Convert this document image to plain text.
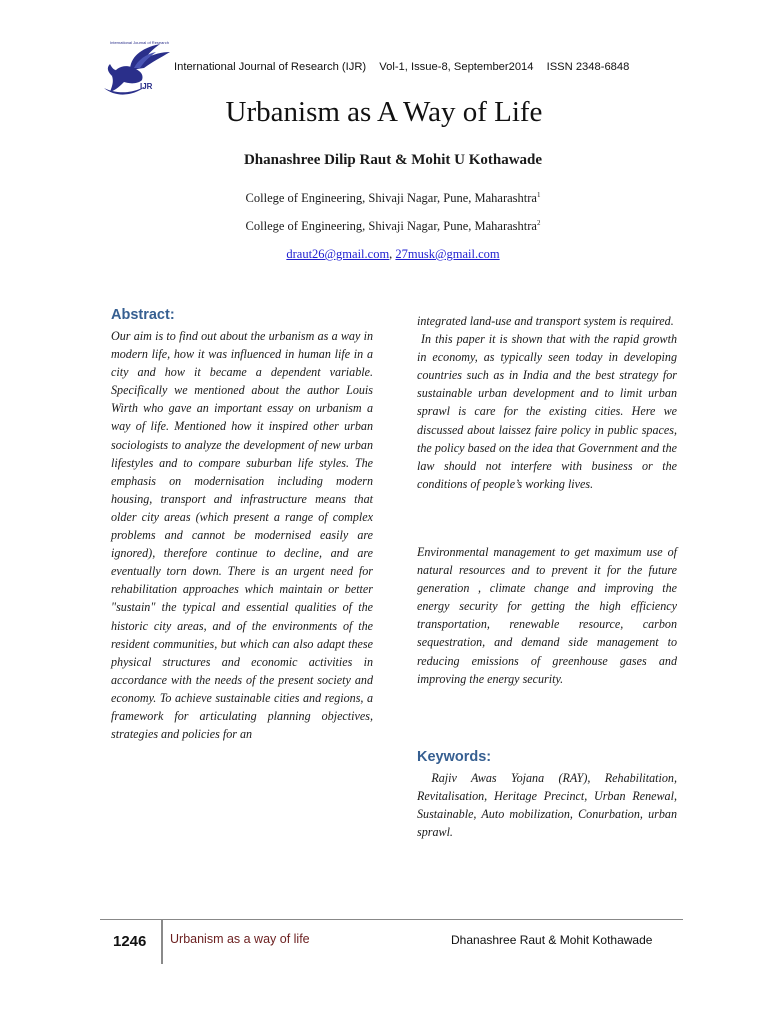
International Journal of Research
IJR
International Journal of Research (IJR) Vol-1, Issue-8, September2014 ISSN 2348-6848
Urbanism as A Way of Life
Dhanashree Dilip Raut & Mohit U Kothawade
College of Engineering, Shivaji Nagar, Pune, Maharashtra$^1$
College of Engineering, Shivaji Nagar, Pune, Maharashtra$^2$
draut26@gmail.com, 27musk@gmail.com
Abstract:

Our aim is to find out about the urbanism as a way in modern life, how it was influenced in human life in a city and how it became a dependent variable. Specifically we mentioned about the author Louis Wirth who gave an important essay on urbanism a way of life. Mentioned how it inspired other urban sociologists to analyze the development of new urban lifestyles and to compare suburban life styles. The emphasis on modernisation including modern housing, transport and infrastructure means that older city areas (which present a range of complex problems and cannot be modernised easily are ignored), therefore continue to decline, and are eventually torn down. There is an urgent need for rehabilitation approaches which maintain or better "sustain" the typical and essential qualities of the historic city areas, and of the environments of the resident communities, but which can also adapt these physical structures and economic activities in accordance with the needs of the present society and economy. To achieve sustainable cities and regions, a framework for articulating planning objectives, strategies and policies for an

integrated land-use and transport system is required.

In this paper it is shown that with the rapid growth in economy, as typically seen today in developing countries such as in India and the best strategy for sustainable urban development and to limit urban sprawl is care for the existing cities. Here we discussed about laissez faire policy in public spaces, the policy based on the idea that Government and the law should not interfere with business or the conditions of people’s working lives.

Environmental management to get maximum use of natural resources and to prevent it for the future generation , climate change and improving the energy security for getting the high efficiency transportation, renewable resource, carbon sequestration, and demand side management to reducing emissions of greenhouse gases and improving the energy security.

Keywords:

Rajiv Awas Yojana (RAY), Rehabilitation, Revitalisation, Heritage Precinct, Urban Renewal, Sustainable, Auto mobilization, Conurbation, urban sprawl.

1246 Urbanism as a way of life	Dhanashree Raut & Mohit Kothawade
